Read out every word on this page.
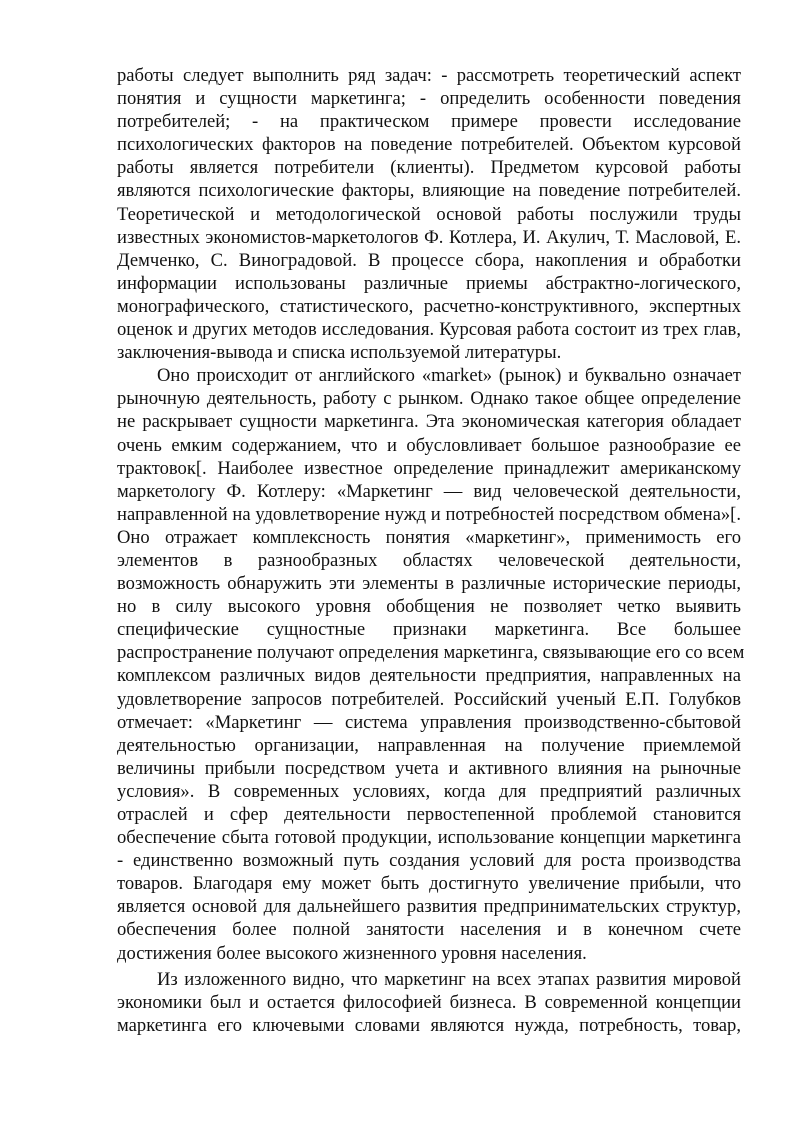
работы следует выполнить ряд задач: - рассмотреть теоретический аспект
понятия и сущности маркетинга; - определить особенности поведения
потребителей; - на практическом примере провести исследование
психологических факторов на поведение потребителей. Объектом курсовой
работы является потребители (клиенты). Предметом курсовой работы
являются психологические факторы, влияющие на поведение потребителей.
Теоретической и методологической основой работы послужили труды
известных экономистов-маркетологов Ф. Котлера, И. Акулич, Т. Масловой, Е.
Демченко, С. Виноградовой. В процессе сбора, накопления и обработки
информации использованы различные приемы абстрактно-логического,
монографического, статистического, расчетно-конструктивного, экспертных
оценок и других методов исследования. Курсовая работа состоит из трех глав,
заключения-вывода и списка используемой литературы.
Оно происходит от английского «market» (рынок) и буквально означает
рыночную деятельность, работу с рынком. Однако такое общее определение
не раскрывает сущности маркетинга. Эта экономическая категория обладает
очень емким содержанием, что и обусловливает большое разнообразие ее
трактовок[. Наиболее известное определение принадлежит американскому
маркетологу Ф. Котлеру: «Маркетинг — вид человеческой деятельности,
направленной на удовлетворение нужд и потребностей посредством обмена»[.
Оно отражает комплексность понятия «маркетинг», применимость его
элементов в разнообразных областях человеческой деятельности,
возможность обнаружить эти элементы в различные исторические периоды,
но в силу высокого уровня обобщения не позволяет четко выявить
специфические сущностные признаки маркетинга. Все большее
распространение получают определения маркетинга, связывающие его со всем
комплексом различных видов деятельности предприятия, направленных на
удовлетворение запросов потребителей. Российский ученый Е.П. Голубков
отмечает: «Маркетинг — система управления производственно-сбытовой
деятельностью организации, направленная на получение приемлемой
величины прибыли посредством учета и активного влияния на рыночные
условия». В современных условиях, когда для предприятий различных
отраслей и сфер деятельности первостепенной проблемой становится
обеспечение сбыта готовой продукции, использование концепции маркетинга
- единственно возможный путь создания условий для роста производства
товаров. Благодаря ему может быть достигнуто увеличение прибыли, что
является основой для дальнейшего развития предпринимательских структур,
обеспечения более полной занятости населения и в конечном счете
достижения более высокого жизненного уровня населения.
Из изложенного видно, что маркетинг на всех этапах развития мировой
экономики был и остается философией бизнеса. В современной концепции
маркетинга его ключевыми словами являются нужда, потребность, товар,
